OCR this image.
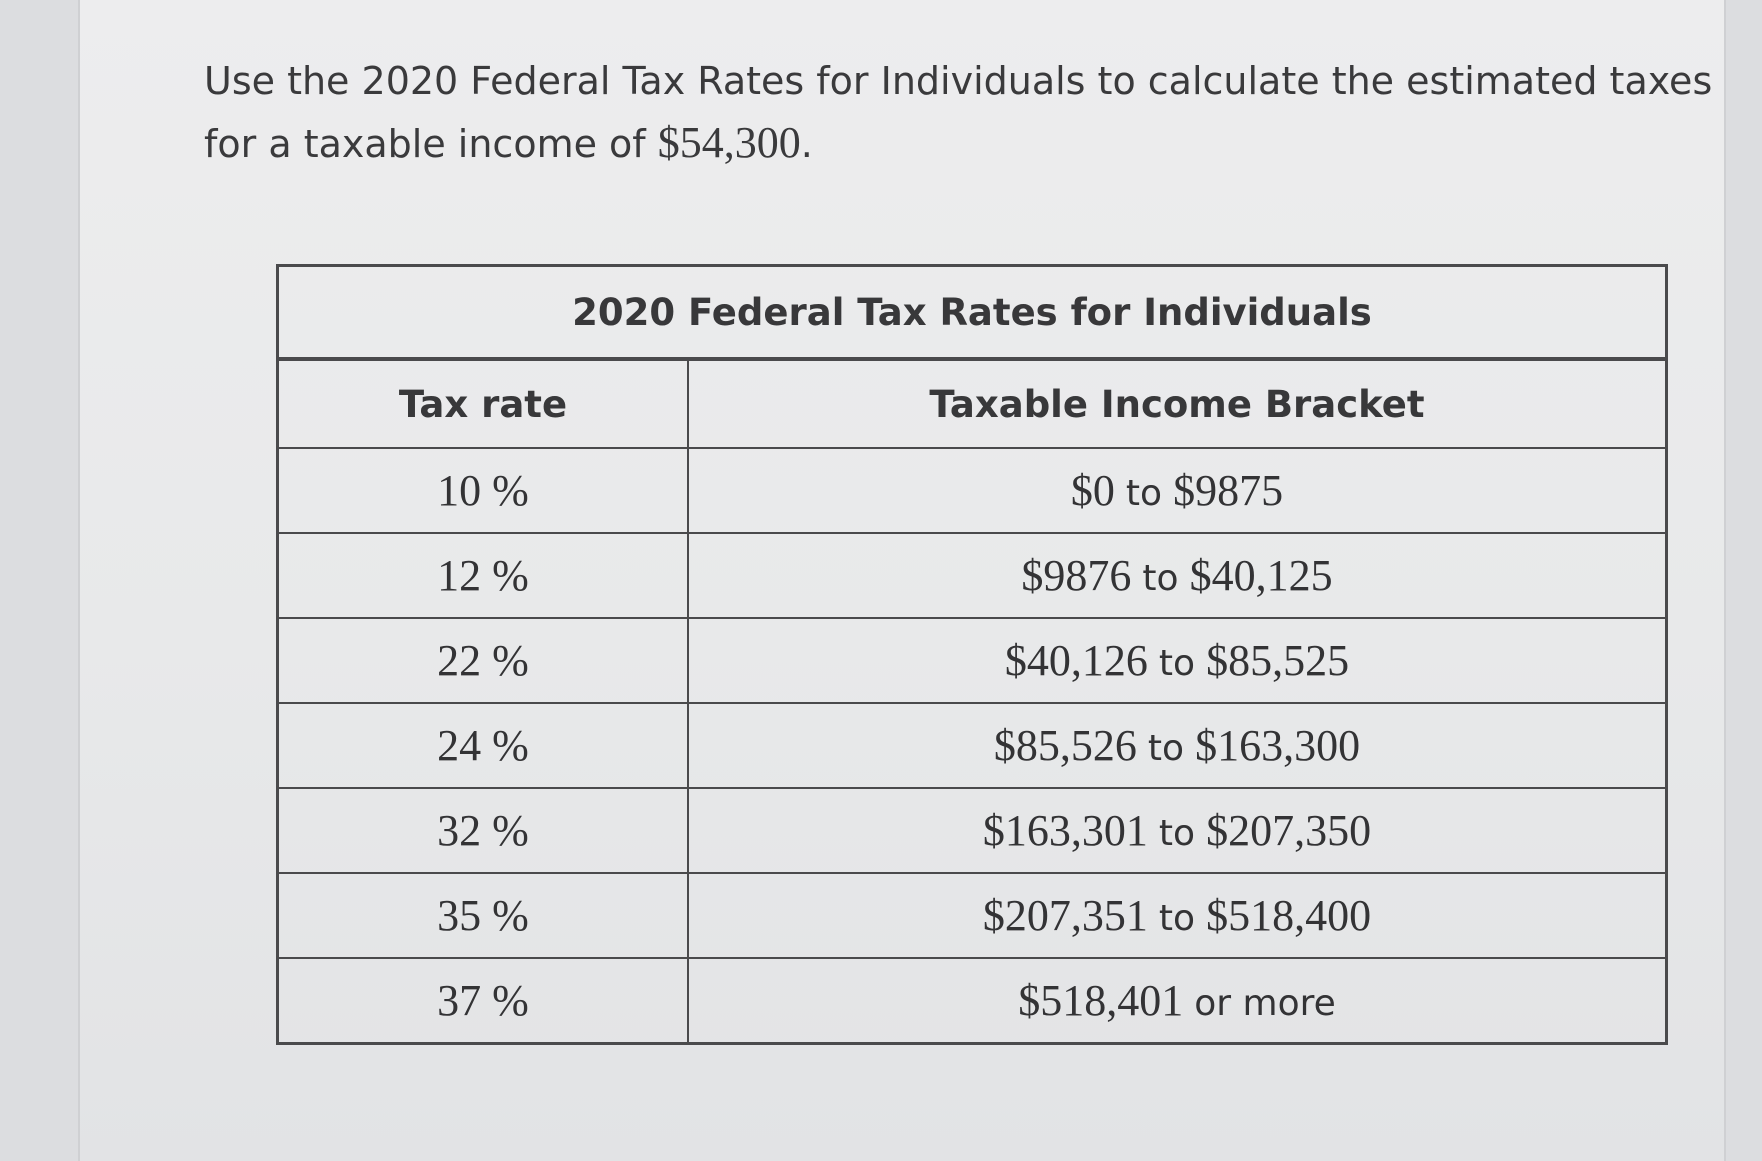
Use the 2020 Federal Tax Rates for Individuals to calculate the estimated taxes for a taxable income of $54,300.

2020 Federal Tax Rates for Individuals	
Tax rate	Taxable Income Bracket
10 %	$0 to $9875
12 %	$9876 to $40,125
22 %	$40,126 to $85,525
24 %	$85,526 to $163,300
32 %	$163,301 to $207,350
35 %	$207,351 to $518,400
37 %	$518,401 or more
